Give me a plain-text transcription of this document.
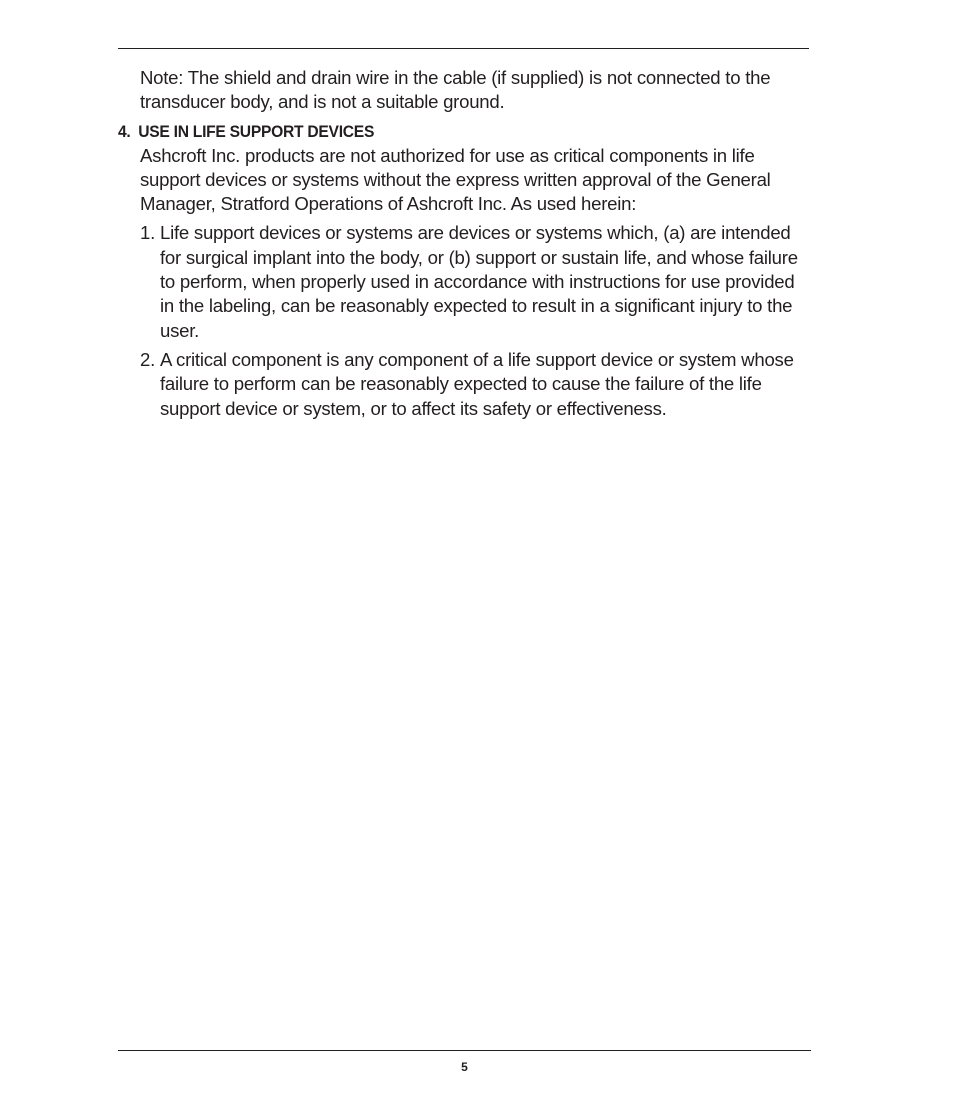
Note: The shield and drain wire in the cable (if supplied) is not connected to the transducer body, and is not a suitable ground.

4. USE IN LIFE SUPPORT DEVICES

Ashcroft Inc. products are not authorized for use as critical components in life support devices or systems without the express written approval of the General Manager, Stratford Operations of Ashcroft Inc. As used herein:

1. Life support devices or systems are devices or systems which, (a) are intended for surgical implant into the body, or (b) support or sustain life, and whose failure to perform, when properly used in accordance with instructions for use provided in the labeling, can be reasonably expected to result in a significant injury to the user.
2. A critical component is any component of a life support device or system whose failure to perform can be reasonably expected to cause the failure of the life support device or system, or to affect its safety or effectiveness.
5
